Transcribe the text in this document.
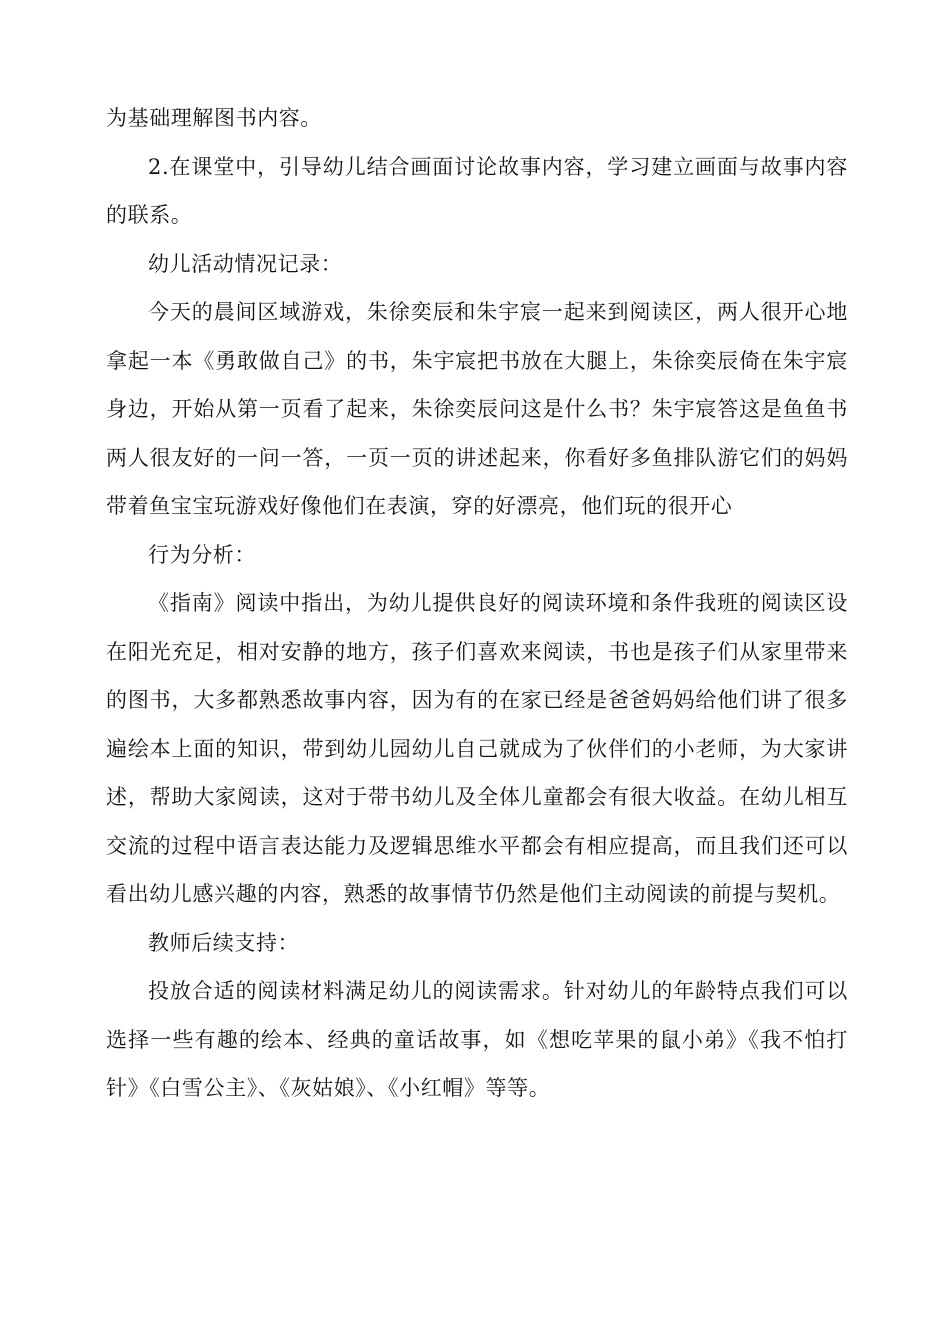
为基础理解图书内容。

2.在课堂中，引导幼儿结合画面讨论故事内容，学习建立画面与故事内容的联系。

幼儿活动情况记录：

今天的晨间区域游戏，朱徐奕辰和朱宇宸一起来到阅读区，两人很开心地拿起一本《勇敢做自己》的书，朱宇宸把书放在大腿上，朱徐奕辰倚在朱宇宸身边，开始从第一页看了起来，朱徐奕辰问这是什么书？朱宇宸答这是鱼鱼书两人很友好的一问一答，一页一页的讲述起来，你看好多鱼排队游它们的妈妈带着鱼宝宝玩游戏好像他们在表演，穿的好漂亮，他们玩的很开心

行为分析：

《指南》阅读中指出，为幼儿提供良好的阅读环境和条件我班的阅读区设在阳光充足，相对安静的地方，孩子们喜欢来阅读，书也是孩子们从家里带来的图书，大多都熟悉故事内容，因为有的在家已经是爸爸妈妈给他们讲了很多遍绘本上面的知识，带到幼儿园幼儿自己就成为了伙伴们的小老师，为大家讲述，帮助大家阅读，这对于带书幼儿及全体儿童都会有很大收益。在幼儿相互交流的过程中语言表达能力及逻辑思维水平都会有相应提高，而且我们还可以看出幼儿感兴趣的内容，熟悉的故事情节仍然是他们主动阅读的前提与契机。

教师后续支持：

投放合适的阅读材料满足幼儿的阅读需求。针对幼儿的年龄特点我们可以选择一些有趣的绘本、经典的童话故事，如《想吃苹果的鼠小弟》《我不怕打针》《白雪公主》、《灰姑娘》、《小红帽》等等。
